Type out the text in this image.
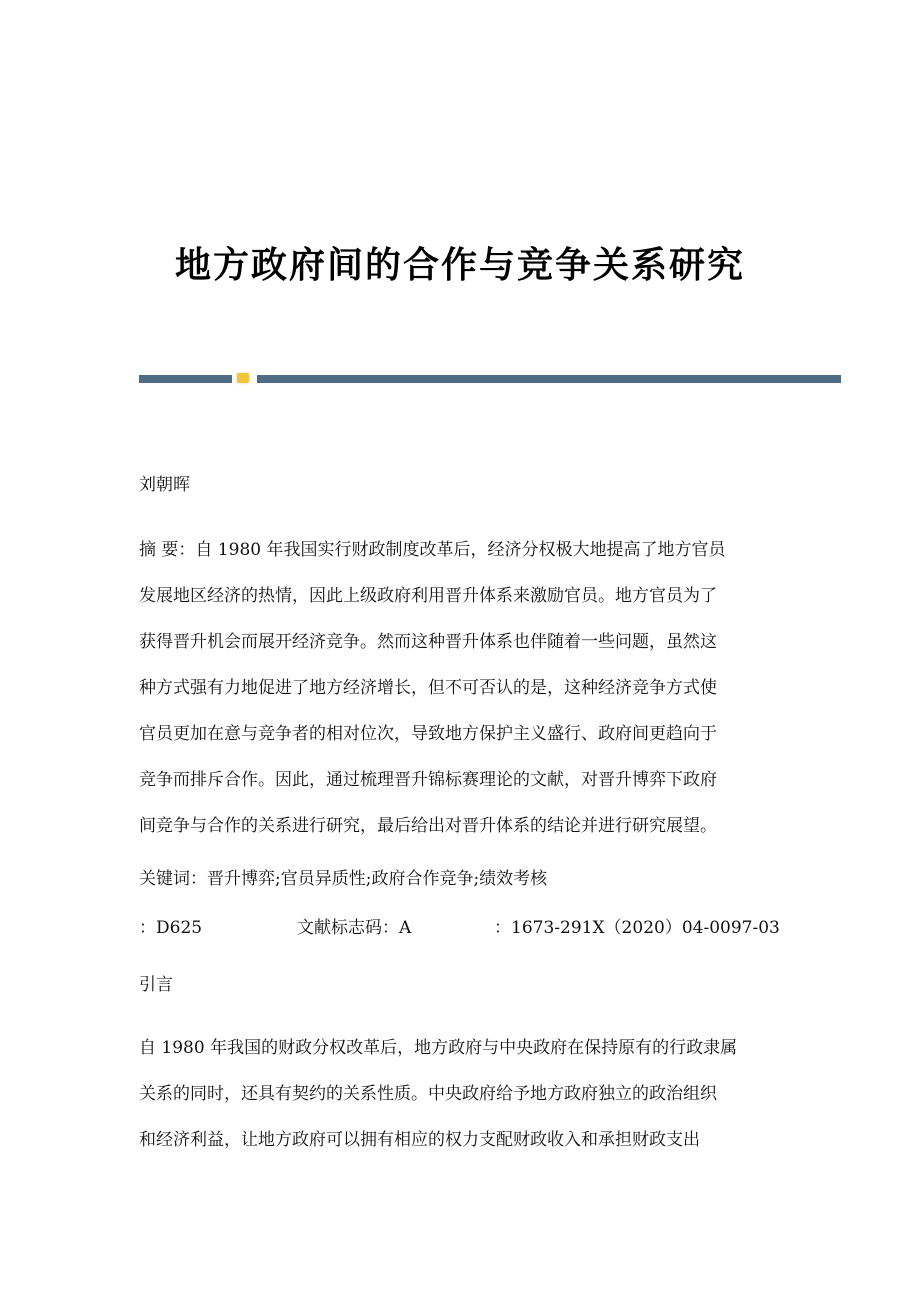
地方政府间的合作与竞争关系研究
刘朝晖
摘 要：自 1980 年我国实行财政制度改革后，经济分权极大地提高了地方官员
发展地区经济的热情，因此上级政府利用晋升体系来激励官员。地方官员为了
获得晋升机会而展开经济竞争。然而这种晋升体系也伴随着一些问题，虽然这
种方式强有力地促进了地方经济增长，但不可否认的是，这种经济竞争方式使
官员更加在意与竞争者的相对位次，导致地方保护主义盛行、政府间更趋向于
竞争而排斥合作。因此，通过梳理晋升锦标赛理论的文献，对晋升博弈下政府
间竞争与合作的关系进行研究，最后给出对晋升体系的结论并进行研究展望。
关键词：晋升博弈;官员异质性;政府合作竞争;绩效考核
：D625	文献标志码：A	：1673-291X（2020）04-0097-03
引言
自 1980 年我国的财政分权改革后，地方政府与中央政府在保持原有的行政隶属
关系的同时，还具有契约的关系性质。中央政府给予地方政府独立的政治组织
和经济利益，让地方政府可以拥有相应的权力支配财政收入和承担财政支出
